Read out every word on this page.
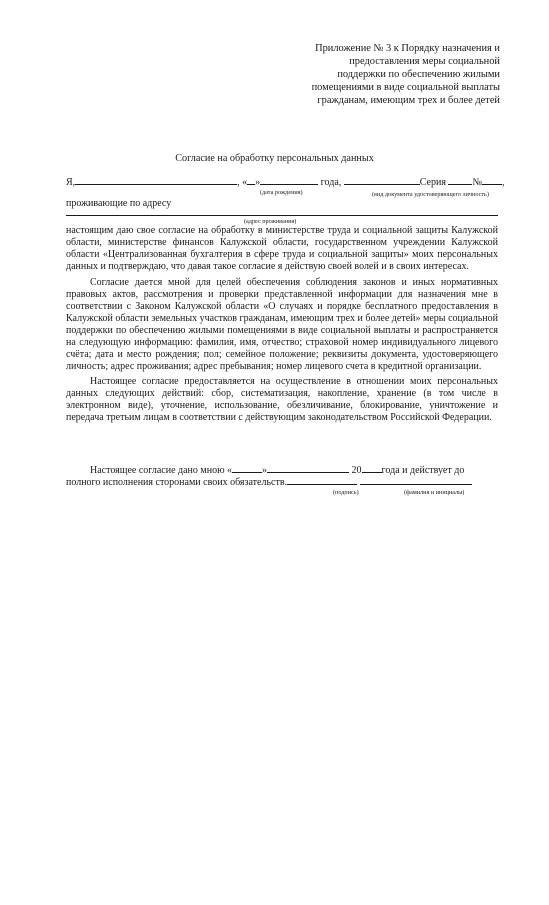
Приложение № 3 к Порядку назначения и
предоставления меры социальной
поддержки по обеспечению жилыми
помещениями в виде социальной выплаты
гражданам, имеющим трех и более детей
Согласие на обработку персональных данных
Я,	, « »	года,	Серия	№ ,
(дата рождения)	(вид документа удостоверяющего личность)
проживающие по адресу
(адрес проживания)

настоящим даю свое согласие на обработку в министерстве труда и социальной защиты Калужской области, министерстве финансов Калужской области, государственном учреждении Калужской области «Централизованная бухгалтерия в сфере труда и социальной защиты» моих персональных данных и подтверждаю, что давая такое согласие я действую своей волей и в своих интересах.

Согласие дается мной для целей обеспечения соблюдения законов и иных нормативных правовых актов, рассмотрения и проверки представленной информации для назначения мне в соответствии с Законом Калужской области «О случаях и порядке бесплатного предоставления в Калужской области земельных участков гражданам, имеющим трех и более детей» меры социальной поддержки по обеспечению жилыми помещениями в виде социальной выплаты и распространяется на следующую информацию: фамилия, имя, отчество; страховой номер индивидуального лицевого счёта; дата и место рождения; пол; семейное положение; реквизиты документа, удостоверяющего личность; адрес проживания; адрес пребывания; номер лицевого счета в кредитной организации.

Настоящее согласие предоставляется на осуществление в отношении моих персональных данных следующих действий: сбор, систематизация, накопление, хранение (в том числе в электронном виде), уточнение, использование, обезличивание, блокирование, уничтожение и передача третьим лицам в соответствии с действующим законодательством Российской Федерации.

Настоящее согласие дано мною «	»	20 года и действует до
полного исполнения сторонами своих обязательств.
(подпись)	(фамилия и инициалы)
